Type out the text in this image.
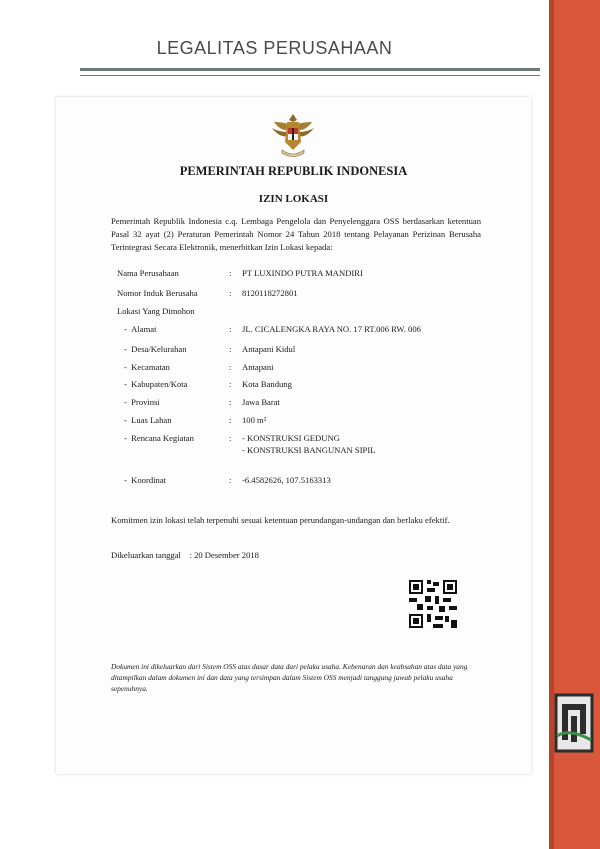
LEGALITAS PERUSAHAAN
PEMERINTAH REPUBLIK INDONESIA
IZIN LOKASI
Pemerintah Republik Indonesia c.q. Lembaga Pengelola dan Penyelenggara OSS berdasarkan ketentuan Pasal 32 ayat (2) Peraturan Pemerintah Nomor 24 Tahun 2018 tentang Pelayanan Perizinan Berusaha Terintegrasi Secara Elektronik, menerbitkan Izin Lokasi kepada:
Nama Perusahaan	: PT LUXINDO PUTRA MANDIRI
Nomor Induk Berusaha	: 8120118272801
Lokasi Yang Dimohon
- Alamat	: JL. CICALENGKA RAYA NO. 17 RT.006 RW. 006
- Desa/Kelurahan	: Antapani Kidul
- Kecamatan	: Antapani
- Kabupaten/Kota	: Kota Bandung
- Provinsi	: Jawa Barat
- Luas Lahan	: 100 m²
- Rencana Kegiatan	: - KONSTRUKSI GEDUNG
- KONSTRUKSI BANGUNAN SIPIL
- Koordinat	: -6.4582626, 107.5163313
Komitmen izin lokasi telah terpenuhi sesuai ketentuan perundangan-undangan dan berlaku efektif.
Dikeluarkan tanggal : 20 Desember 2018
Dokumen ini dikeluarkan dari Sistem OSS atas dasar data dari pelaku usaha. Kebenaran dan keabsahan atas data yang ditampilkan dalam dokumen ini dan data yang tersimpan dalam Sistem OSS menjadi tanggung jawab pelaku usaha sepenuhnya.
